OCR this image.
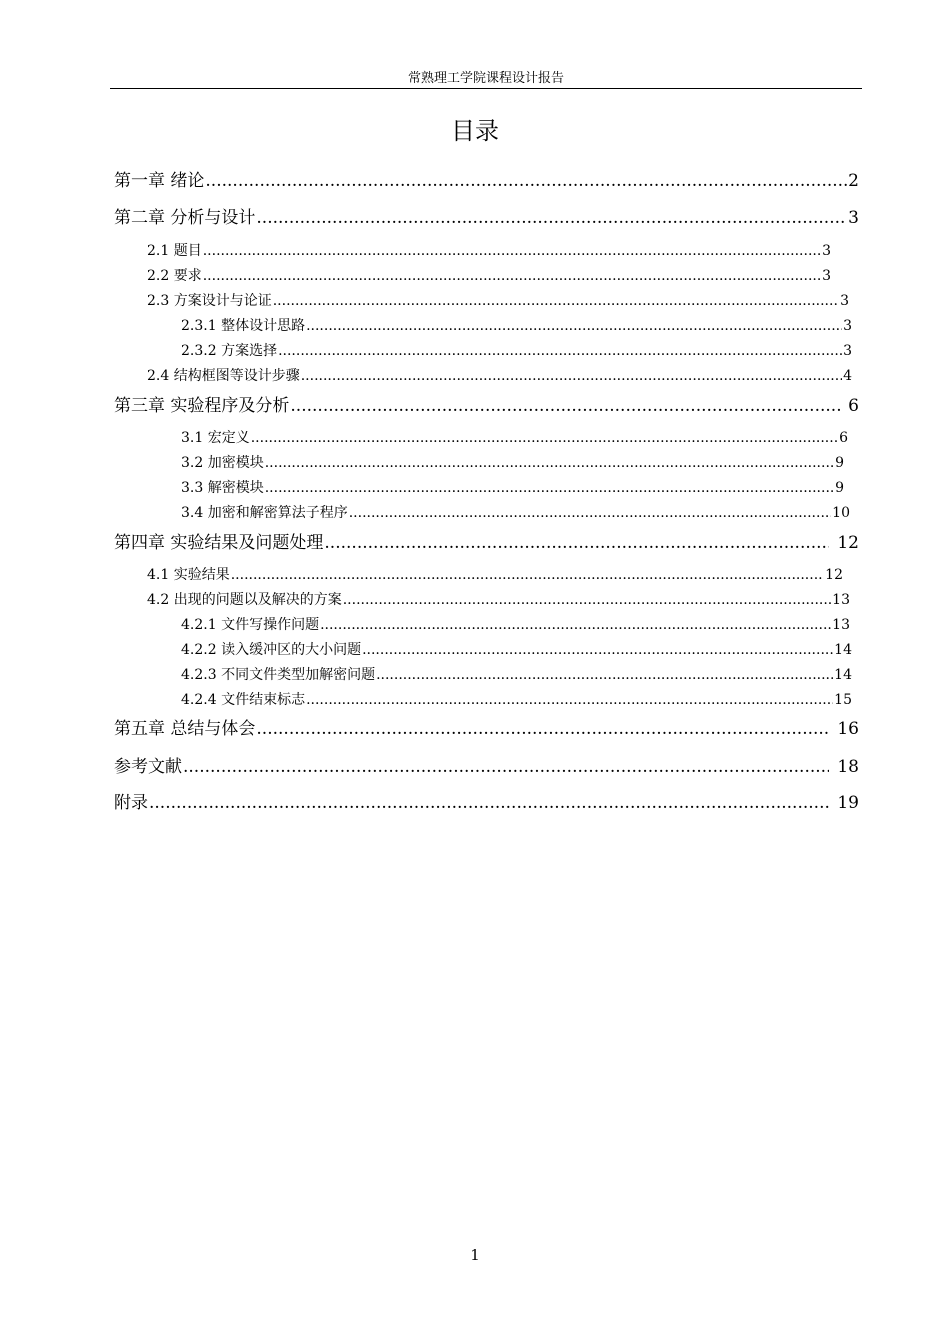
常熟理工学院课程设计报告
目录
第一章 绪论 .....	2
第二章 分析与设计 .....	3
2.1 题目 .....	3
2.2 要求 .....	3
2.3 方案设计与论证 .....	3
2.3.1 整体设计思路 .....	3
2.3.2 方案选择 .....	3
2.4 结构框图等设计步骤 .....	4
第三章 实验程序及分析 .....	6
3.1 宏定义 .....	6
3.2 加密模块 .....	9
3.3 解密模块 .....	9
3.4 加密和解密算法子程序 .....	10
第四章 实验结果及问题处理 .....	12
4.1 实验结果 .....	12
4.2 出现的问题以及解决的方案 .....	13
4.2.1 文件写操作问题 .....	13
4.2.2 读入缓冲区的大小问题 .....	14
4.2.3 不同文件类型加解密问题 .....	14
4.2.4 文件结束标志 .....	15
第五章 总结与体会 .....	16
参考文献 .....	18
附录 .....	19
1
